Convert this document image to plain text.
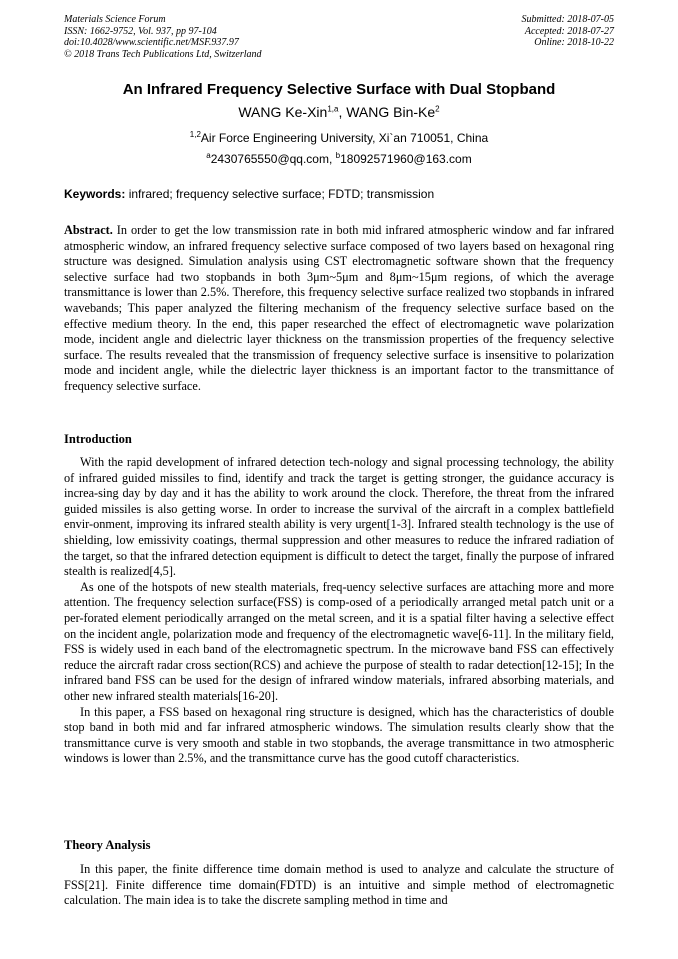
Materials Science Forum
ISSN: 1662-9752, Vol. 937, pp 97-104
doi:10.4028/www.scientific.net/MSF.937.97
© 2018 Trans Tech Publications Ltd, Switzerland
Submitted: 2018-07-05
Accepted: 2018-07-27
Online: 2018-10-22
An Infrared Frequency Selective Surface with Dual Stopband
WANG Ke-Xin$^{1,a}$, WANG Bin-Ke$^2$
$^{1,2}$Air Force Engineering University, Xi`an 710051, China
$^a$2430765550@qq.com, $^b$18092571960@163.com
Keywords: infrared; frequency selective surface; FDTD; transmission
Abstract. In order to get the low transmission rate in both mid infrared atmospheric window and far infrared atmospheric window, an infrared frequency selective surface composed of two layers based on hexagonal ring structure was designed. Simulation analysis using CST electromagnetic software shown that the frequency selective surface had two stopbands in both 3μm~5μm and 8μm~15μm regions, of which the average transmittance is lower than 2.5%. Therefore, this frequency selective surface realized two stopbands in infrared wavebands; This paper analyzed the filtering mechanism of the frequency selective surface based on the effective medium theory. In the end, this paper researched the effect of electromagnetic wave polarization mode, incident angle and dielectric layer thickness on the transmission properties of the frequency selective surface. The results revealed that the transmission of frequency selective surface is insensitive to polarization mode and incident angle, while the dielectric layer thickness is an important factor to the transmittance of frequency selective surface.
Introduction

With the rapid development of infrared detection tech-nology and signal processing technology, the ability of infrared guided missiles to find, identify and track the target is getting stronger, the guidance accuracy is increa-sing day by day and it has the ability to work around the clock. Therefore, the threat from the infrared guided missiles is also getting worse. In order to increase the survival of the aircraft in a complex battlefield envir-onment, improving its infrared stealth ability is very urgent[1-3]. Infrared stealth technology is the use of shielding, low emissivity coatings, thermal suppression and other measures to reduce the infrared radiation of the target, so that the infrared detection equipment is difficult to detect the target, finally the purpose of infrared stealth is realized[4,5].

As one of the hotspots of new stealth materials, freq-uency selective surfaces are attaching more and more attention. The frequency selection surface(FSS) is comp-osed of a periodically arranged metal patch unit or a per-forated element periodically arranged on the metal screen, and it is a spatial filter having a selective effect on the incident angle, polarization mode and frequency of the electromagnetic wave[6-11]. In the military field, FSS is widely used in each band of the electromagnetic spectrum. In the microwave band FSS can effectively reduce the aircraft radar cross section(RCS) and achieve the purpose of stealth to radar detection[12-15]; In the infrared band FSS can be used for the design of infrared window materials, infrared absorbing materials, and other new infrared stealth materials[16-20].

In this paper, a FSS based on hexagonal ring structure is designed, which has the characteristics of double stop band in both mid and far infrared atmospheric windows. The simulation results clearly show that the transmittance curve is very smooth and stable in two stopbands, the average transmittance in two atmospheric windows is lower than 2.5%, and the transmittance curve has the good cutoff characteristics.

Theory Analysis

In this paper, the finite difference time domain method is used to analyze and calculate the structure of FSS[21]. Finite difference time domain(FDTD) is an intuitive and simple method of electromagnetic calculation. The main idea is to take the discrete sampling method in time and
